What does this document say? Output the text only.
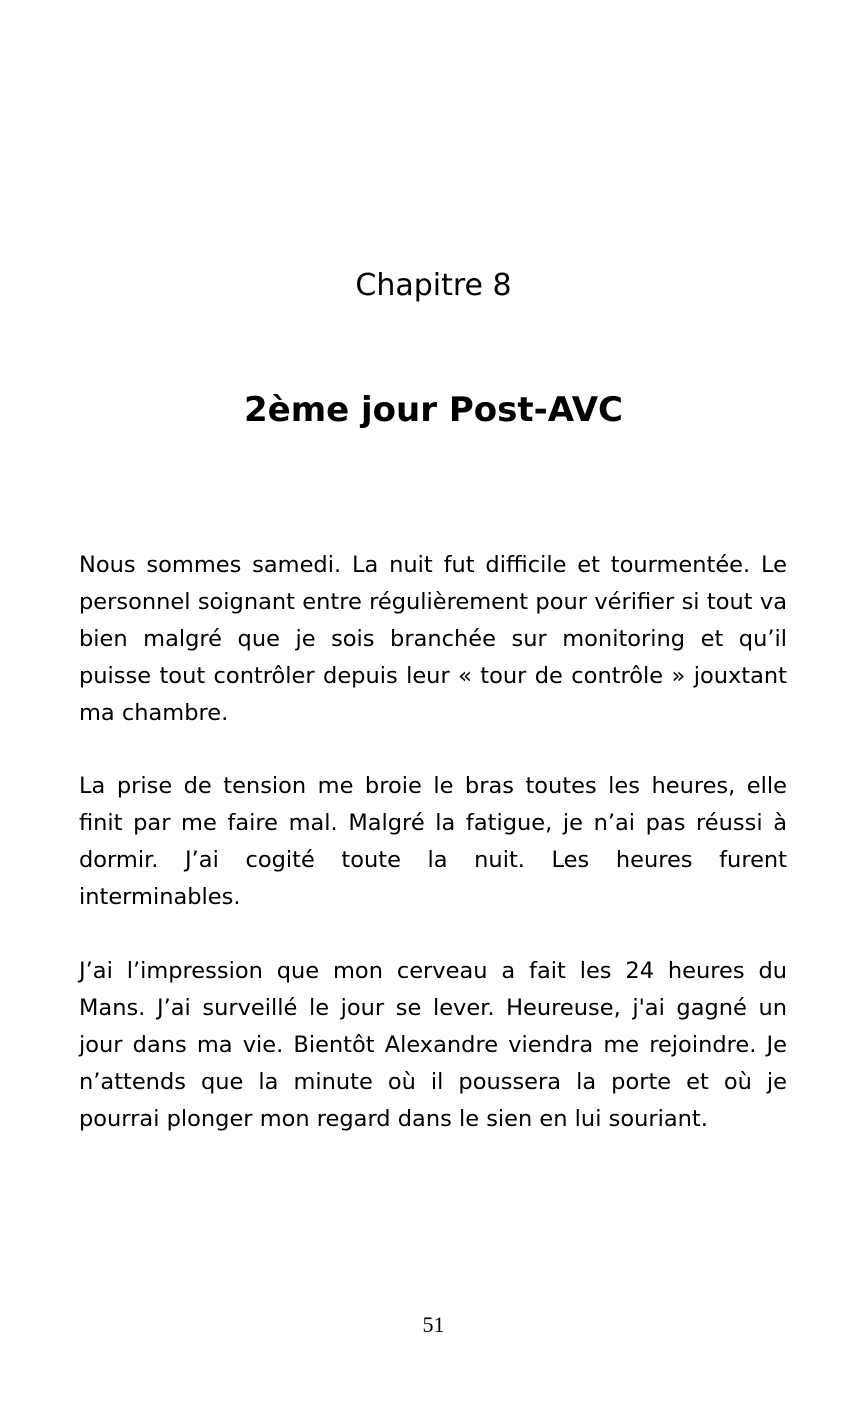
Chapitre 8
2ème jour Post-AVC

Nous sommes samedi. La nuit fut difficile et tourmentée. Le personnel soignant entre régulièrement pour vérifier si tout va bien malgré que je sois branchée sur monitoring et qu’il puisse tout contrôler depuis leur « tour de contrôle » jouxtant ma chambre.

La prise de tension me broie le bras toutes les heures, elle finit par me faire mal. Malgré la fatigue, je n’ai pas réussi à dormir. J’ai cogité toute la nuit. Les heures furent interminables.

J’ai l’impression que mon cerveau a fait les 24 heures du Mans. J’ai surveillé le jour se lever. Heureuse, j'ai gagné un jour dans ma vie. Bientôt Alexandre viendra me rejoindre. Je n’attends que la minute où il poussera la porte et où je pourrai plonger mon regard dans le sien en lui souriant.

51
